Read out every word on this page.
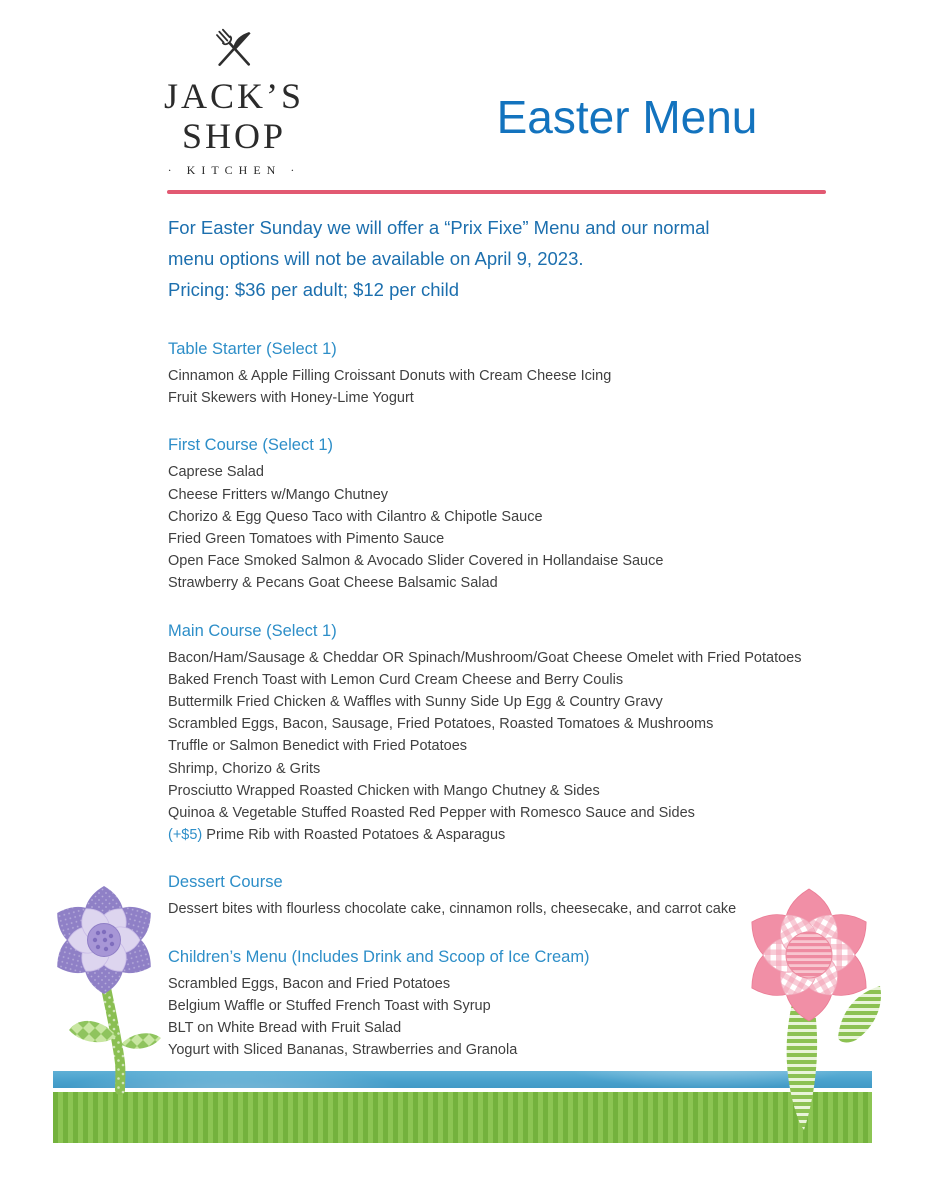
JACK’S
SHOP
· KITCHEN ·
Easter Menu
For Easter Sunday we will offer a “Prix Fixe” Menu and our normal
menu options will not be available on April 9, 2023.
Pricing: $36 per adult; $12 per child
Table Starter (Select 1)
Cinnamon & Apple Filling Croissant Donuts with Cream Cheese Icing
Fruit Skewers with Honey-Lime Yogurt
First Course (Select 1)
Caprese Salad
Cheese Fritters w/Mango Chutney
Chorizo & Egg Queso Taco with Cilantro & Chipotle Sauce
Fried Green Tomatoes with Pimento Sauce
Open Face Smoked Salmon & Avocado Slider Covered in Hollandaise Sauce
Strawberry & Pecans Goat Cheese Balsamic Salad
Main Course (Select 1)
Bacon/Ham/Sausage & Cheddar OR Spinach/Mushroom/Goat Cheese Omelet with Fried Potatoes
Baked French Toast with Lemon Curd Cream Cheese and Berry Coulis
Buttermilk Fried Chicken & Waffles with Sunny Side Up Egg & Country Gravy
Scrambled Eggs, Bacon, Sausage, Fried Potatoes, Roasted Tomatoes & Mushrooms
Truffle or Salmon Benedict with Fried Potatoes
Shrimp, Chorizo & Grits
Prosciutto Wrapped Roasted Chicken with Mango Chutney & Sides
Quinoa & Vegetable Stuffed Roasted Red Pepper with Romesco Sauce and Sides
(+$5) Prime Rib with Roasted Potatoes & Asparagus
Dessert Course
Dessert bites with flourless chocolate cake, cinnamon rolls, cheesecake, and carrot cake
Children’s Menu (Includes Drink and Scoop of Ice Cream)
Scrambled Eggs, Bacon and Fried Potatoes
Belgium Waffle or Stuffed French Toast with Syrup
BLT on White Bread with Fruit Salad
Yogurt with Sliced Bananas, Strawberries and Granola
